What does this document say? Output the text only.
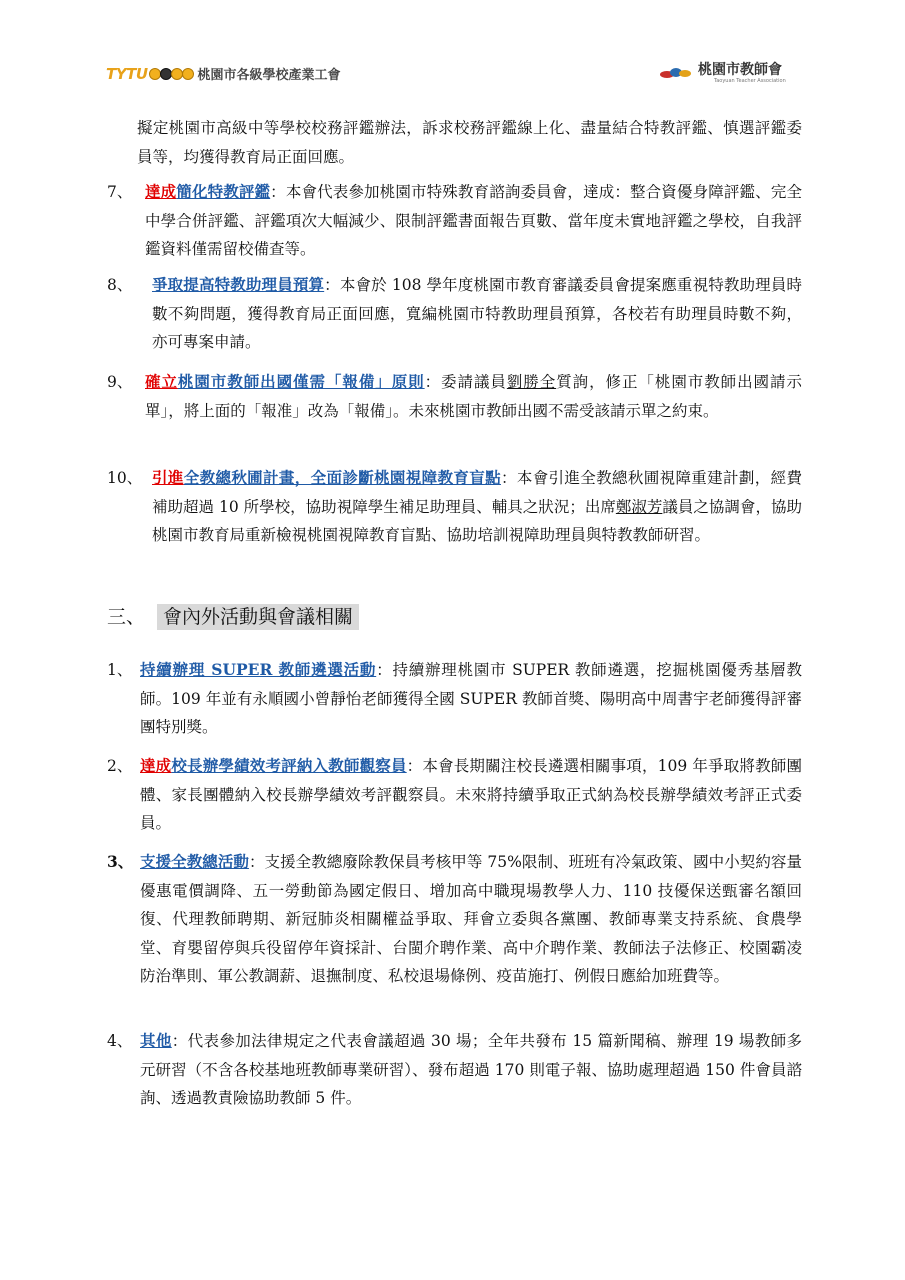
TYTU	桃園市各級學校產業工會	桃園市教師會
Taoyuan Teacher Association
擬定桃園市高級中等學校校務評鑑辦法，訴求校務評鑑線上化、盡量結合特教評鑑、慎選評鑑委員等，均獲得教育局正面回應。
7、 達成簡化特教評鑑：本會代表參加桃園市特殊教育諮詢委員會，達成：整合資優身障評鑑、完全中學合併評鑑、評鑑項次大幅減少、限制評鑑書面報告頁數、當年度未實地評鑑之學校，自我評鑑資料僅需留校備查等。
8、 爭取提高特教助理員預算：本會於 108 學年度桃園市教育審議委員會提案應重視特教助理員時數不夠問題，獲得教育局正面回應，寬編桃園市特教助理員預算，各校若有助理員時數不夠，亦可專案申請。
9、 確立桃園市教師出國僅需「報備」原則：委請議員劉勝全質詢，修正「桃園市教師出國請示單」，將上面的「報准」改為「報備」。未來桃園市教師出國不需受該請示單之約束。
10、 引進全教總秋圃計畫，全面診斷桃園視障教育盲點：本會引進全教總秋圃視障重建計劃，經費補助超過 10 所學校，協助視障學生補足助理員、輔具之狀況；出席鄭淑芳議員之協調會，協助桃園市教育局重新檢視桃園視障教育盲點、協助培訓視障助理員與特教教師研習。
三、 會內外活動與會議相關
1、 持續辦理 SUPER 教師遴選活動：持續辦理桃園市 SUPER 教師遴選，挖掘桃園優秀基層教師。109 年並有永順國小曾靜怡老師獲得全國 SUPER 教師首獎、陽明高中周書宇老師獲得評審團特別獎。
2、 達成校長辦學績效考評納入教師觀察員：本會長期關注校長遴選相關事項，109 年爭取將教師團體、家長團體納入校長辦學績效考評觀察員。未來將持續爭取正式納為校長辦學績效考評正式委員。
3、 支援全教總活動：支援全教總廢除教保員考核甲等 75%限制、班班有冷氣政策、國中小契約容量優惠電價調降、五一勞動節為國定假日、增加高中職現場教學人力、110 技優保送甄審名額回復、代理教師聘期、新冠肺炎相關權益爭取、拜會立委與各黨團、教師專業支持系統、食農學堂、育嬰留停與兵役留停年資採計、台閩介聘作業、高中介聘作業、教師法子法修正、校園霸凌防治準則、軍公教調薪、退撫制度、私校退場條例、疫苗施打、例假日應給加班費等。
4、 其他：代表參加法律規定之代表會議超過 30 場；全年共發布 15 篇新聞稿、辦理 19 場教師多元研習（不含各校基地班教師專業研習）、發布超過 170 則電子報、協助處理超過 150 件會員諮詢、透過教責險協助教師 5 件。
